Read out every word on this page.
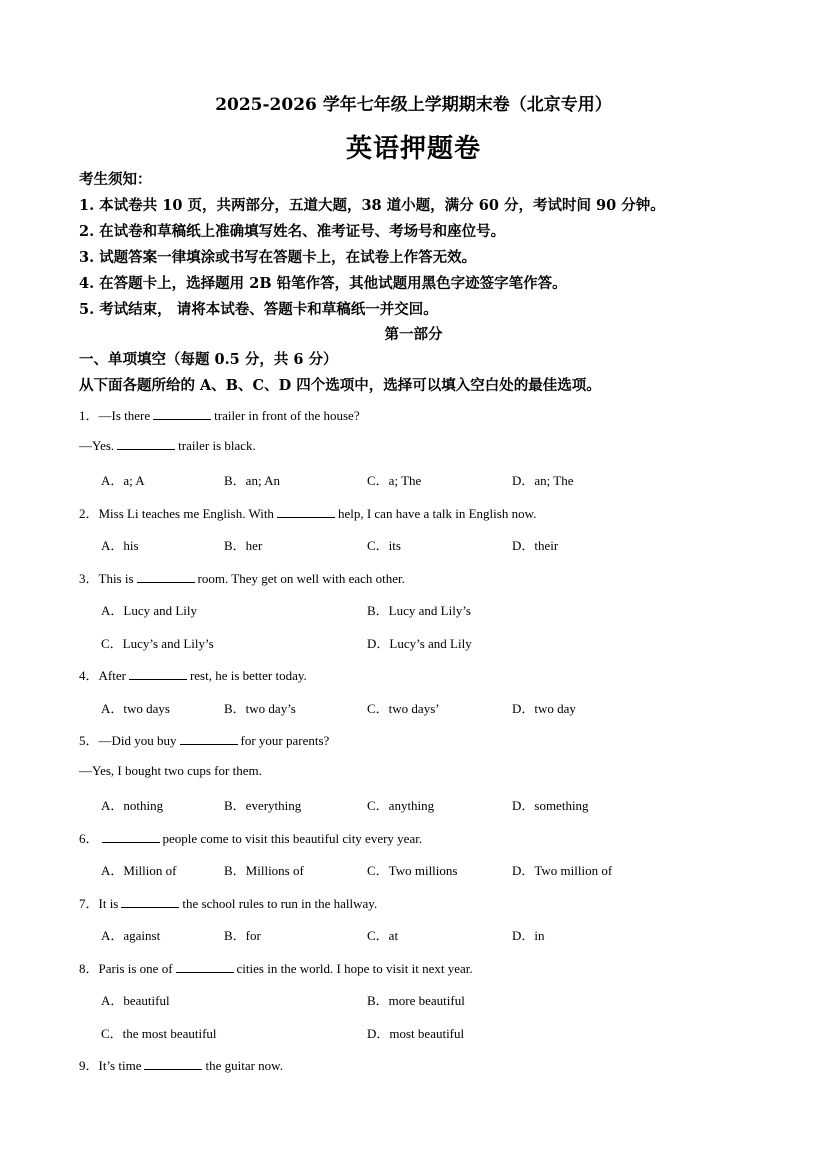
2025-2026 学年七年级上学期期末卷（北京专用）
英语押题卷
考生须知：
1. 本试卷共 10 页，共两部分，五道大题，38 道小题，满分 60 分，考试时间 90 分钟。
2. 在试卷和草稿纸上准确填写姓名、准考证号、考场号和座位号。
3. 试题答案一律填涂或书写在答题卡上，在试卷上作答无效。
4. 在答题卡上，选择题用 2B 铅笔作答，其他试题用黑色字迹签字笔作答。
5. 考试结束， 请将本试卷、答题卡和草稿纸一并交回。
第一部分
一、单项填空（每题 0.5 分，共 6 分）
从下面各题所给的 A、B、C、D 四个选项中，选择可以填入空白处的最佳选项。
1．—Is there	trailer in front of the house?
—Yes.	trailer is black.
A．a; A	B．an; An	C．a; The	D．an; The
2．Miss Li teaches me English. With	help, I can have a talk in English now.
A．his	B．her	C．its	D．their
3．This is	room. They get on well with each other.
A．Lucy and Lily	B．Lucy and Lily’s
C．Lucy’s and Lily’s	D．Lucy’s and Lily
4．After	rest, he is better today.
A．two days	B．two day’s	C．two days’	D．two day
5．—Did you buy	for your parents?
—Yes, I bought two cups for them.
A．nothing	B．everything	C．anything	D．something
6．	people come to visit this beautiful city every year.
A．Million of	B．Millions of	C．Two millions	D．Two million of
7．It is	the school rules to run in the hallway.
A．against	B．for	C．at	D．in
8．Paris is one of	cities in the world. I hope to visit it next year.
A．beautiful	B．more beautiful
C．the most beautiful	D．most beautiful
9．It’s time	the guitar now.
